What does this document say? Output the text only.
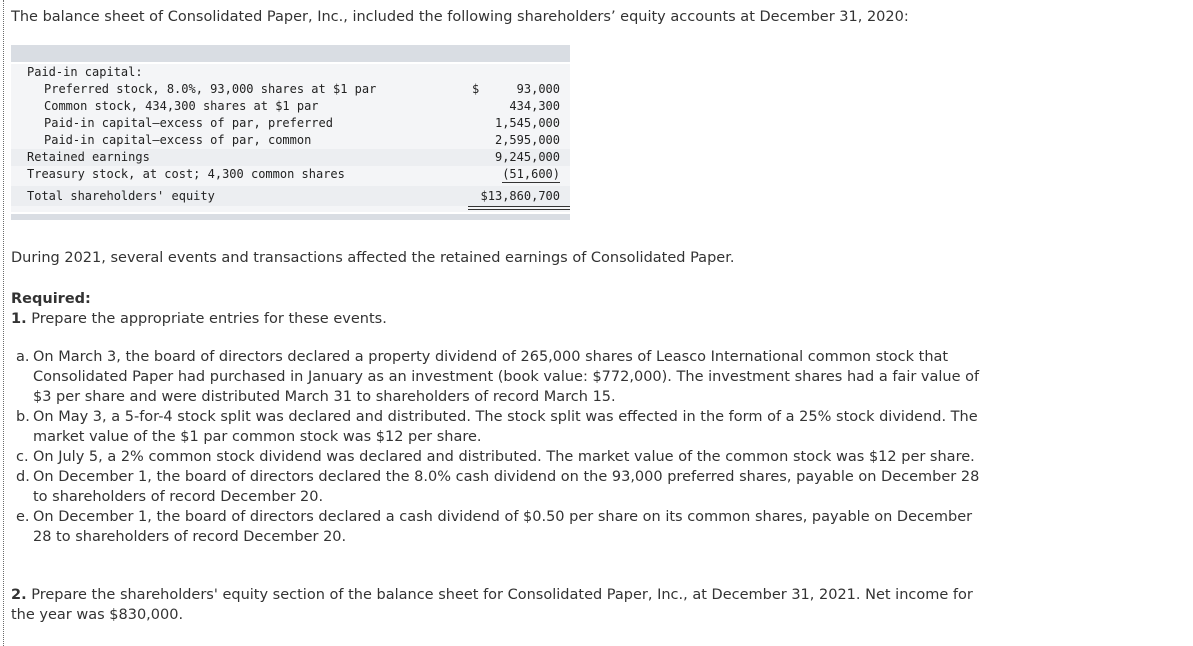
The balance sheet of Consolidated Paper, Inc., included the following shareholders’ equity accounts at December 31, 2020:
Paid-in capital:
Preferred stock, 8.0%, 93,000 shares at $1 par	$	93,000
Common stock, 434,300 shares at $1 par	434,300
Paid-in capital—excess of par, preferred	1,545,000
Paid-in capital—excess of par, common	2,595,000
Retained earnings	9,245,000
Treasury stock, at cost; 4,300 common shares	(51,600)
Total shareholders' equity	$13,860,700
During 2021, several events and transactions affected the retained earnings of Consolidated Paper.
Required:
1. Prepare the appropriate entries for these events.
a. On March 3, the board of directors declared a property dividend of 265,000 shares of Leasco International common stock that
Consolidated Paper had purchased in January as an investment (book value: $772,000). The investment shares had a fair value of
$3 per share and were distributed March 31 to shareholders of record March 15.
b. On May 3, a 5-for-4 stock split was declared and distributed. The stock split was effected in the form of a 25% stock dividend. The
market value of the $1 par common stock was $12 per share.
c. On July 5, a 2% common stock dividend was declared and distributed. The market value of the common stock was $12 per share.
d. On December 1, the board of directors declared the 8.0% cash dividend on the 93,000 preferred shares, payable on December 28
to shareholders of record December 20.
e. On December 1, the board of directors declared a cash dividend of $0.50 per share on its common shares, payable on December
28 to shareholders of record December 20.
2. Prepare the shareholders' equity section of the balance sheet for Consolidated Paper, Inc., at December 31, 2021. Net income for
the year was $830,000.
